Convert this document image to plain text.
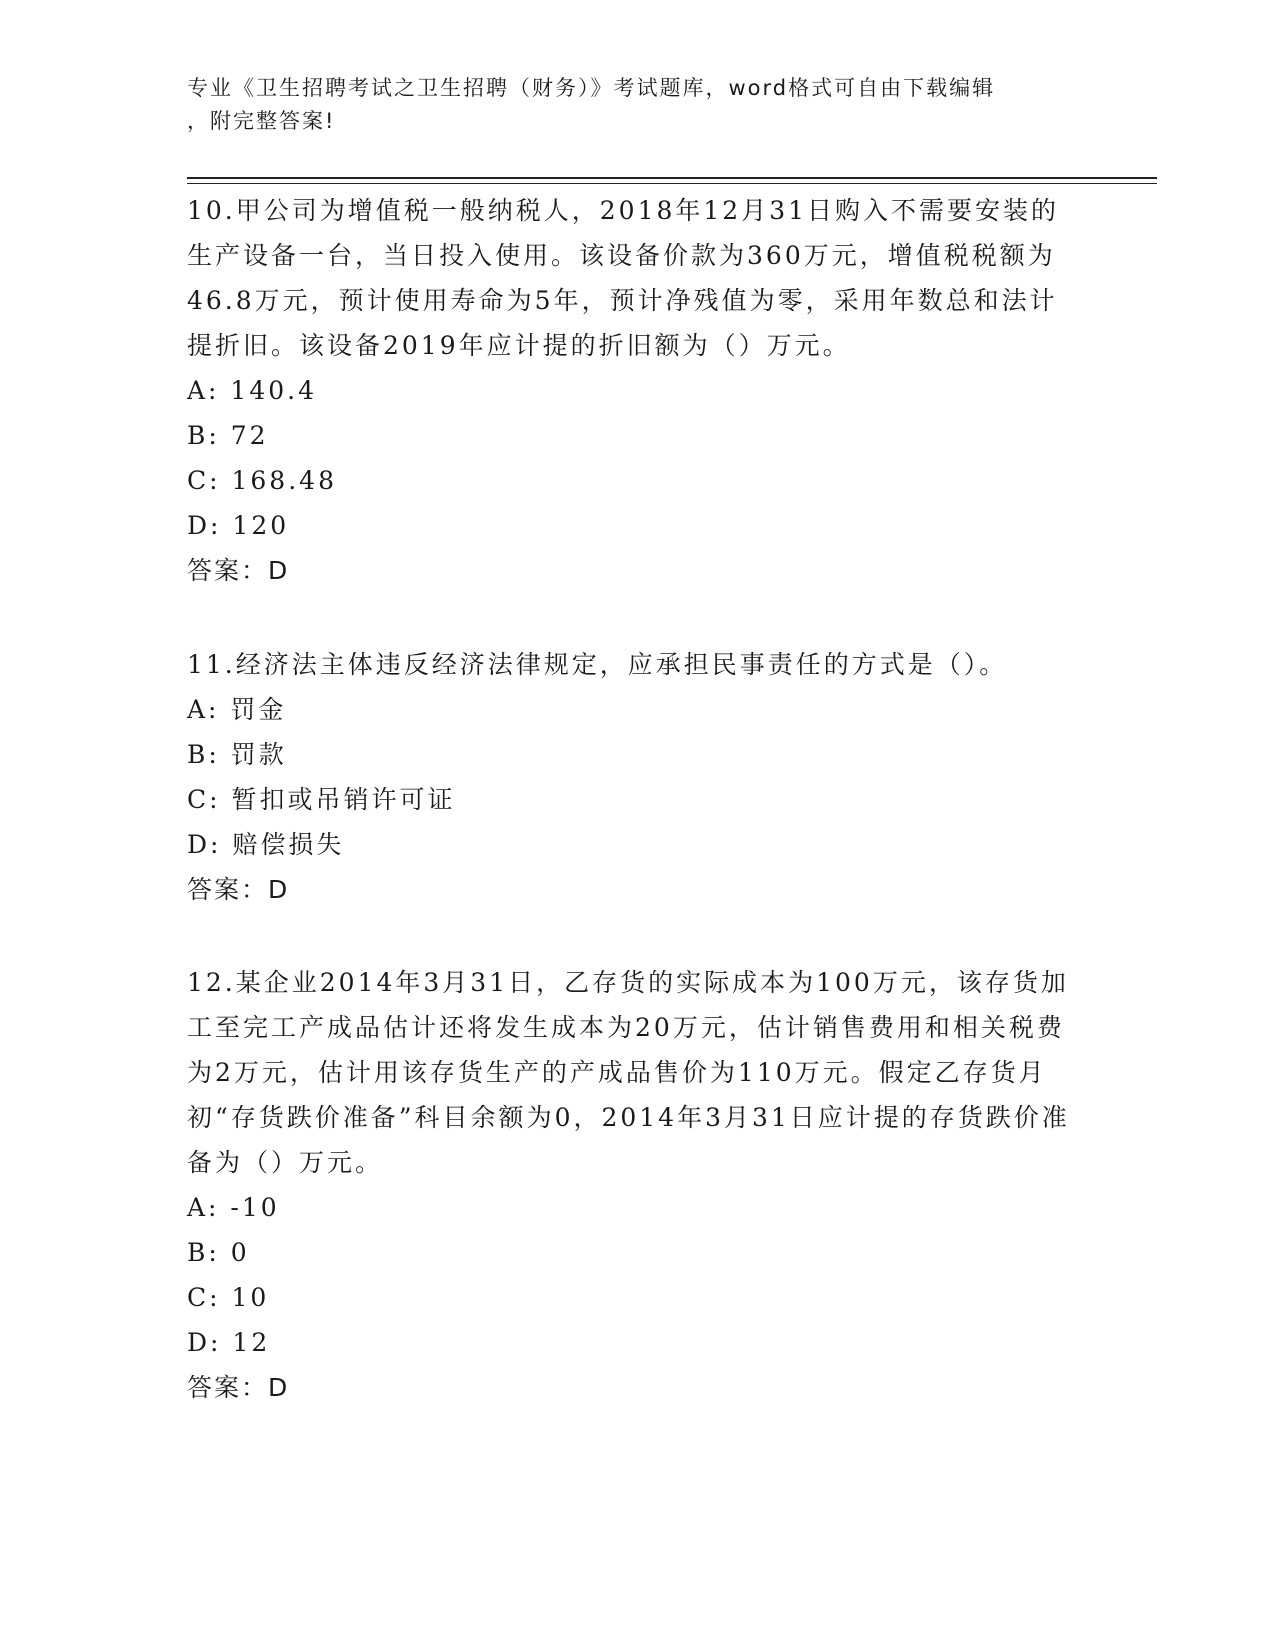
专业《卫生招聘考试之卫生招聘（财务）》考试题库，word格式可自由下载编辑
，附完整答案!

10.甲公司为增值税一般纳税人，2018年12月31日购入不需要安装的生产设备一台，当日投入使用。该设备价款为360万元，增值税税额为46.8万元，预计使用寿命为5年，预计净残值为零，采用年数总和法计提折旧。该设备2019年应计提的折旧额为（）万元。

A: 140.4

B: 72

C: 168.48

D: 120

答案：D

11.经济法主体违反经济法律规定，应承担民事责任的方式是（）。

A: 罚金

B: 罚款

C: 暂扣或吊销许可证

D: 赔偿损失

答案：D

12.某企业2014年3月31日，乙存货的实际成本为100万元，该存货加工至完工产成品估计还将发生成本为20万元，估计销售费用和相关税费为2万元，估计用该存货生产的产成品售价为110万元。假定乙存货月初“存货跌价准备”科目余额为0，2014年3月31日应计提的存货跌价准备为（）万元。

A: -10

B: 0

C: 10

D: 12

答案：D
